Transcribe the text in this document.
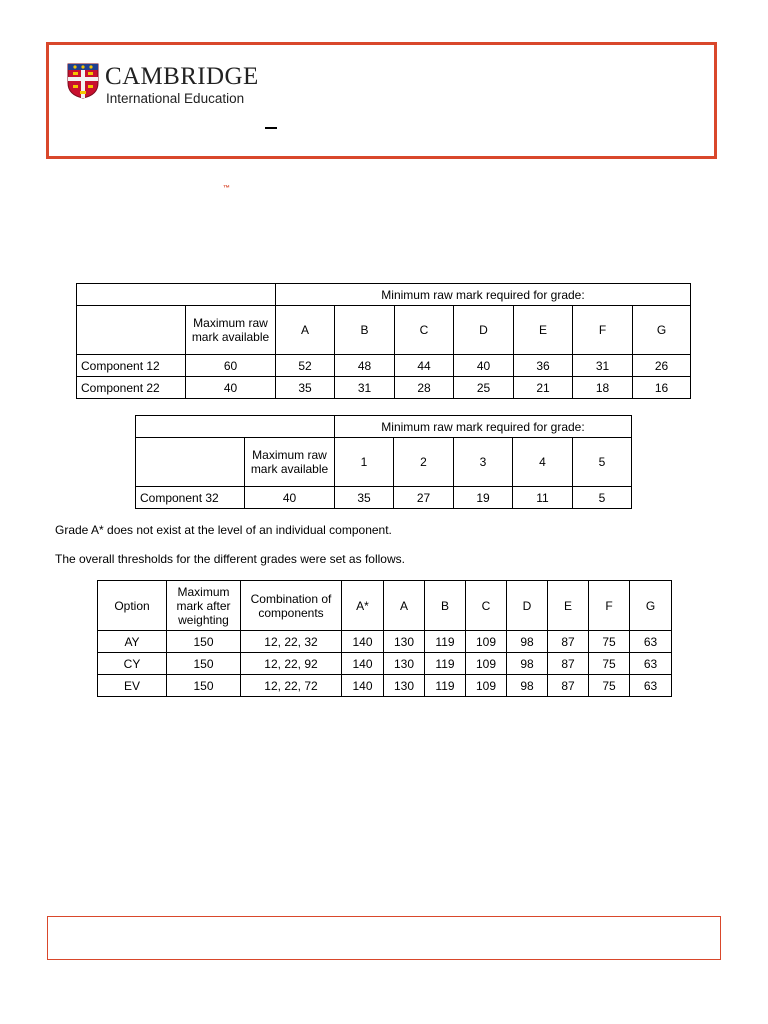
CAMBRIDGE
International Education
™
		Minimum raw mark required for grade:						
	Maximum raw mark available	A	B	C	D	E	F	G
Component 12	60	52	48	44	40	36	31	26
Component 22	40	35	31	28	25	21	18	16
		Minimum raw mark required for grade:				
	Maximum raw mark available	1	2	3	4	5
Component 32	40	35	27	19	11	5
Grade A* does not exist at the level of an individual component.
The overall thresholds for the different grades were set as follows.
Option	Maximum mark after weighting	Combination of components	A*	A	B	C	D	E	F	G
AY	150	12, 22, 32	140	130	119	109	98	87	75	63
CY	150	12, 22, 92	140	130	119	109	98	87	75	63
EV	150	12, 22, 72	140	130	119	109	98	87	75	63
